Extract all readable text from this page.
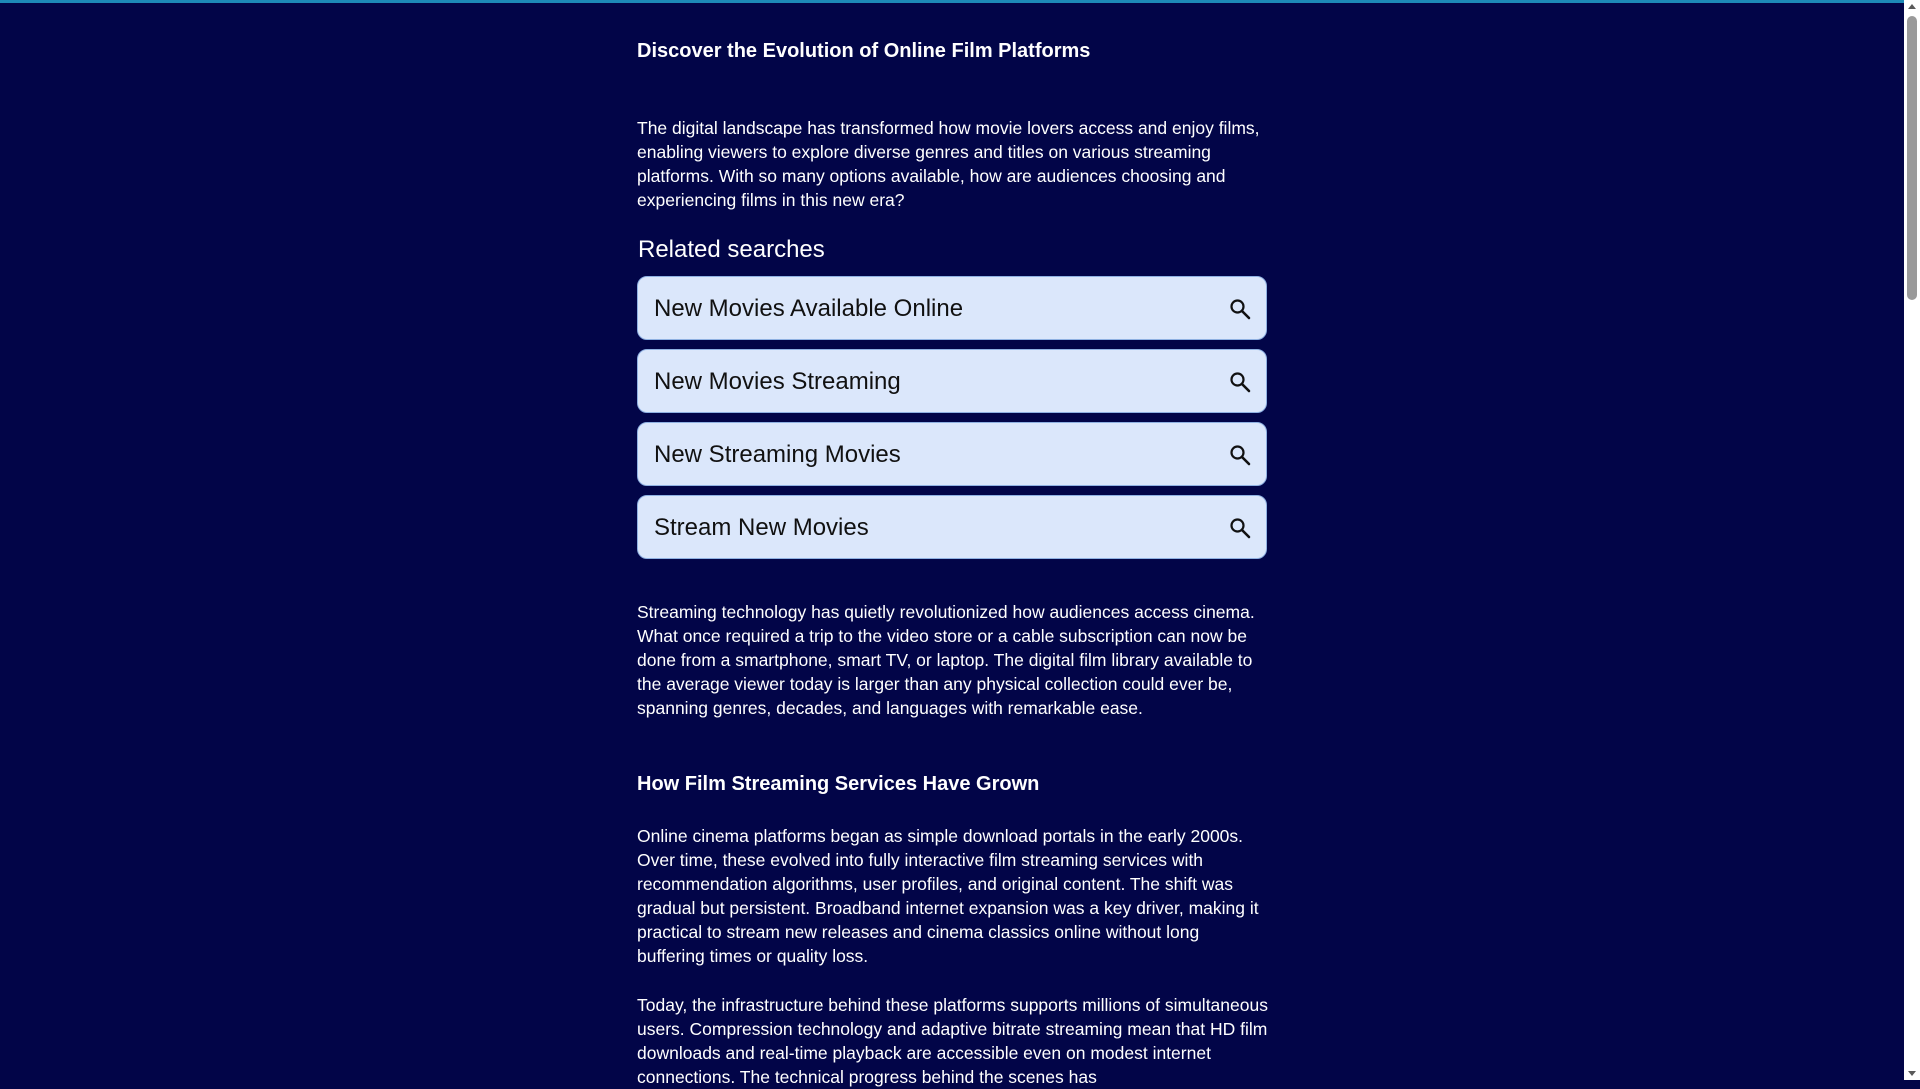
Discover the Evolution of Online Film Platforms

The digital landscape has transformed how movie lovers access and enjoy films, enabling viewers to explore diverse genres and titles on various streaming platforms. With so many options available, how are audiences choosing and experiencing films in this new era?

Related searches
New Movies Available Online
New Movies Streaming
New Streaming Movies
Stream New Movies

Streaming technology has quietly revolutionized how audiences access cinema. What once required a trip to the video store or a cable subscription can now be done from a smartphone, smart TV, or laptop. The digital film library available to the average viewer today is larger than any physical collection could ever be, spanning genres, decades, and languages with remarkable ease.

How Film Streaming Services Have Grown

Online cinema platforms began as simple download portals in the early 2000s. Over time, these evolved into fully interactive film streaming services with recommendation algorithms, user profiles, and original content. The shift was gradual but persistent. Broadband internet expansion was a key driver, making it practical to stream new releases and cinema classics online without long buffering times or quality loss.

Today, the infrastructure behind these platforms supports millions of simultaneous users. Compression technology and adaptive bitrate streaming mean that HD film downloads and real-time playback are accessible even on modest internet connections. The technical progress behind the scenes has
